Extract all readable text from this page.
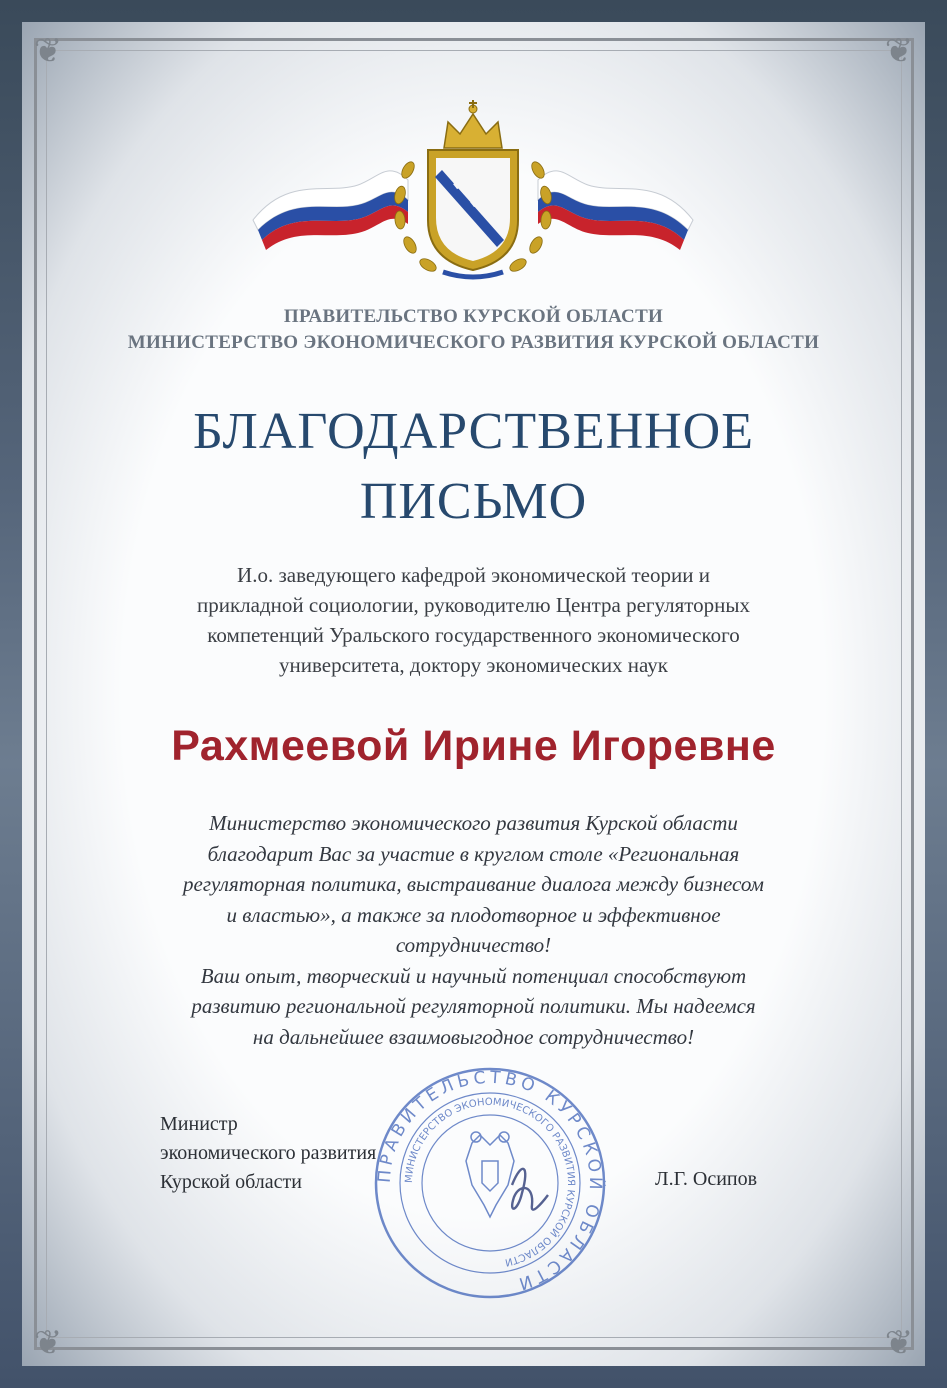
❦	❦
❦	❦
ПРАВИТЕЛЬСТВО КУРСКОЙ ОБЛАСТИ
МИНИСТЕРСТВО ЭКОНОМИЧЕСКОГО РАЗВИТИЯ КУРСКОЙ ОБЛАСТИ
БЛАГОДАРСТВЕННОЕ
ПИСЬМО
И.о. заведующего кафедрой экономической теории и
прикладной социологии, руководителю Центра регуляторных
компетенций Уральского государственного экономического
университета, доктору экономических наук
Рахмеевой Ирине Игоревне
Министерство экономического развития Курской области
благодарит Вас за участие в круглом столе «Региональная
регуляторная политика, выстраивание диалога между бизнесом
и властью», а также за плодотворное и эффективное
сотрудничество!
Ваш опыт, творческий и научный потенциал способствуют
развитию региональной регуляторной политики. Мы надеемся
на дальнейшее взаимовыгодное сотрудничество!
ПРАВИТЕЛЬСТВО КУРСКОЙ ОБЛАСТИ
МИНИСТЕРСТВО ЭКОНОМИЧЕСКОГО РАЗВИТИЯ КУРСКОЙ ОБЛАСТИ
Министр
экономического развития
Курской области	Л.Г. Осипов
